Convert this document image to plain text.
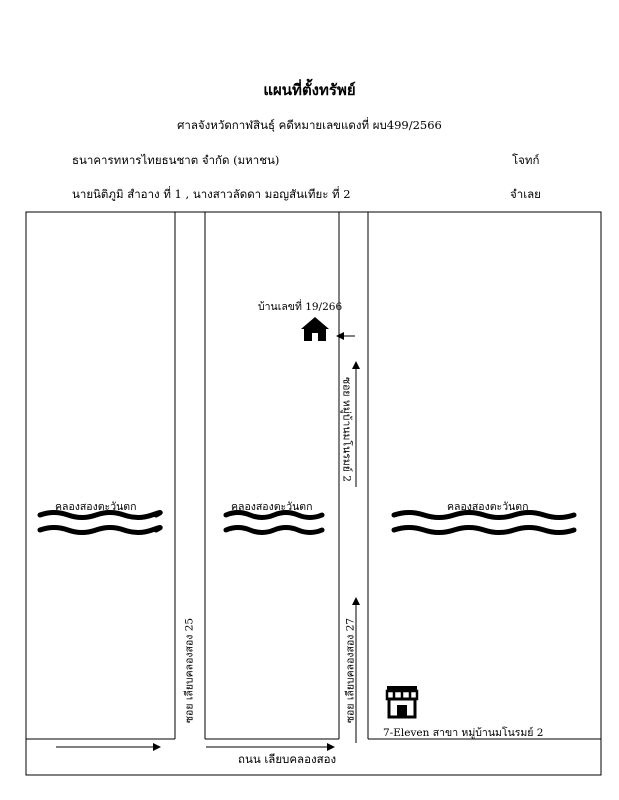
แผนที่ตั้งทรัพย์
ศาลจังหวัดกาฬสินธุ์ คดีหมายเลขแดงที่ ผบ499/2566
ธนาคารทหารไทยธนชาต จำกัด (มหาชน)	โจทก์
นายนิติภูมิ สำอาง ที่ 1 , นางสาวลัดดา มอญสันเทียะ ที่ 2	จำเลย
คลองสองตะวันตก	คลองสองตะวันตก	คลองสองตะวันตก
บ้านเลขที่ 19/266
ซอย เลียบคลองสอง 25
ซอย หมู่บ้านมโนรมย์ 2
ซอย เลียบคลองสอง 27
ถนน เลียบคลองสอง
7-Eleven สาขา หมู่บ้านมโนรมย์ 2
